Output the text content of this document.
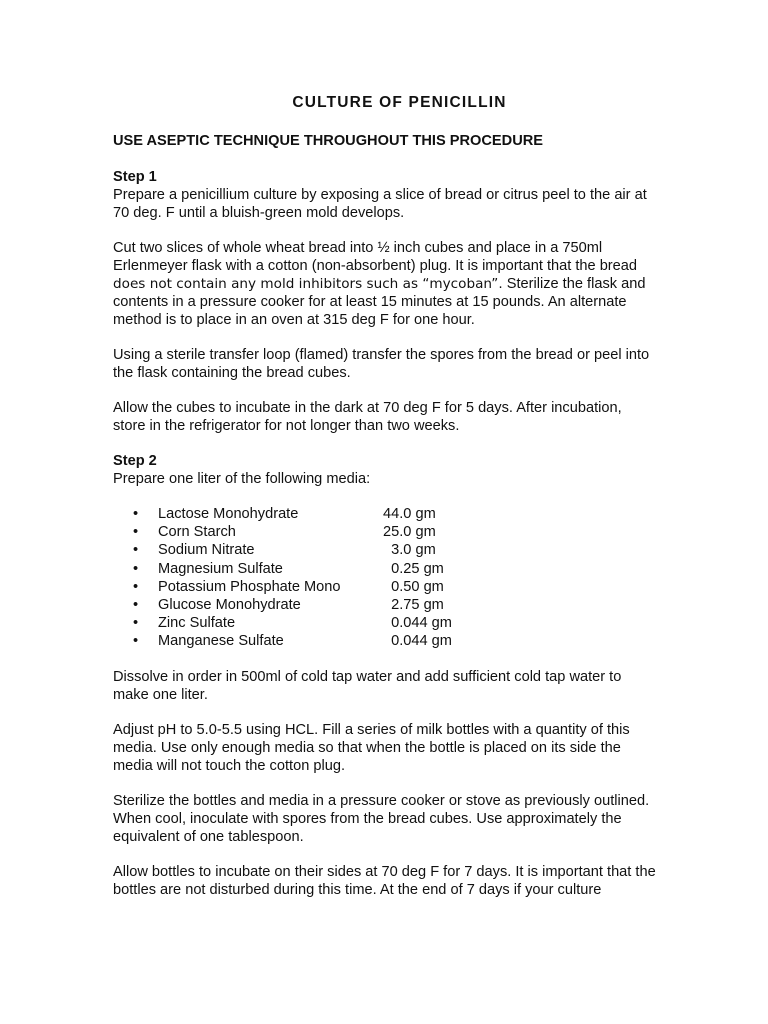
CULTURE OF PENICILLIN
USE ASEPTIC TECHNIQUE THROUGHOUT THIS PROCEDURE
Step 1

Prepare a penicillium culture by exposing a slice of bread or citrus peel to the air at 70 deg. F until a bluish-green mold develops.

Cut two slices of whole wheat bread into ½ inch cubes and place in a 750ml Erlenmeyer flask with a cotton (non-absorbent) plug. It is important that the bread does not contain any mold inhibitors such as “mycoban”. Sterilize the flask and contents in a pressure cooker for at least 15 minutes at 15 pounds. An alternate method is to place in an oven at 315 deg F for one hour.

Using a sterile transfer loop (flamed) transfer the spores from the bread or peel into the flask containing the bread cubes.

Allow the cubes to incubate in the dark at 70 deg F for 5 days. After incubation, store in the refrigerator for not longer than two weeks.

Step 2

Prepare one liter of the following media:

• Lactose Monohydrate	44.0 gm
• Corn Starch	25.0 gm
• Sodium Nitrate	3.0 gm
• Magnesium Sulfate	0.25 gm
• Potassium Phosphate Mono	0.50 gm
• Glucose Monohydrate	2.75 gm
• Zinc Sulfate	0.044 gm
• Manganese Sulfate	0.044 gm

Dissolve in order in 500ml of cold tap water and add sufficient cold tap water to make one liter.

Adjust pH to 5.0-5.5 using HCL. Fill a series of milk bottles with a quantity of this media. Use only enough media so that when the bottle is placed on its side the media will not touch the cotton plug.

Sterilize the bottles and media in a pressure cooker or stove as previously outlined. When cool, inoculate with spores from the bread cubes. Use approximately the equivalent of one tablespoon.

Allow bottles to incubate on their sides at 70 deg F for 7 days. It is important that the bottles are not disturbed during this time. At the end of 7 days if your culture
